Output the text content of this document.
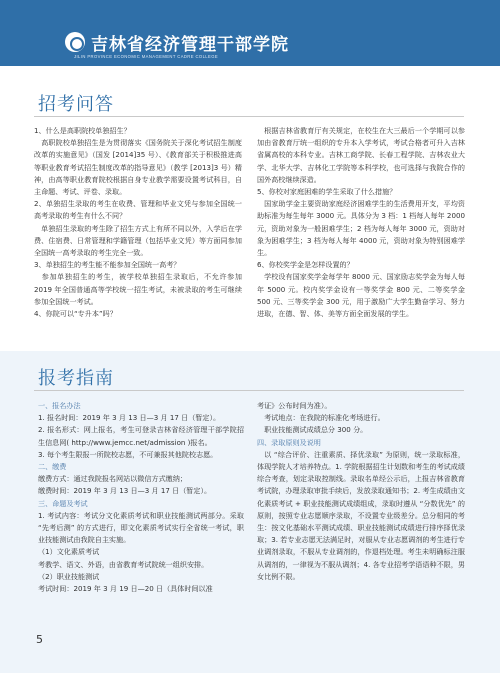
吉林省经济管理干部学院
JILIN PROVINCE ECONOMIC MANAGEMENT CADRE COLLEGE
招考问答

1、什么是高职院校单独招生？

　高职院校单独招生是为贯彻落实《国务院关于深化考试招生制度改革的实施意见》（国发 [2014]35 号）、《教育部关于积极推进高等职业教育考试招生制度改革的指导意见》（教学 [2013]3 号）精神，由高等职业教育院校根据自身专业教学需要设置考试科目，自主命题、考试、评卷、录取。

2、单独招生录取的考生在收费、管理和毕业文凭与参加全国统一高考录取的考生有什么不同？

　单独招生录取的考生除了招生方式上有所不同以外，入学后在学费、住宿费、日常管理和学籍管理（包括毕业文凭）等方面同参加全国统一高考录取的考生完全一致。

3、单独招生的考生能不能参加全国统一高考？

　参加单独招生的考生，被学校单独招生录取后，不允许参加 2019 年全国普通高等学校统一招生考试，未被录取的考生可继续参加全国统一考试。

4、你院可以“专升本”吗？

　根据吉林省教育厅有关规定，在校生在大三最后一个学期可以参加由省教育厅统一组织的专升本入学考试，考试合格者可升入吉林省属高校的本科专业。吉林工商学院、长春工程学院、吉林农业大学、北华大学、吉林化工学院等本科学校，也可选择与我院合作的国外高校继续深造。

5、你校对家庭困难的学生采取了什么措施？

　国家助学金主要资助家庭经济困难学生的生活费用开支，平均资助标准为每生每年 3000 元。具体分为 3 档：1 档每人每年 2000 元，资助对象为一般困难学生；2 档为每人每年 3000 元，资助对象为困难学生；3 档为每人每年 4000 元，资助对象为特别困难学生。

6、你校奖学金是怎样设置的？

　学校设有国家奖学金每学年 8000 元、国家励志奖学金为每人每年 5000 元。校内奖学金设有一等奖学金 800 元、二等奖学金 500 元、三等奖学金 300 元，用于激励广大学生勤奋学习、努力进取，在德、智、体、美等方面全面发展的学生。

报考指南

一、报名办法

1. 报名时间：2019 年 3 月 13 日—3 月 17 日（暂定）。

2. 报名形式：网上报名，考生可登录吉林省经济管理干部学院招生信息网( http://www.jemcc.net/admission )报名。

3. 每个考生限报一所院校志愿，不可兼报其他院校志愿。

二、缴费

缴费方式：通过我院报名网站以微信方式缴纳；

缴费时间：2019 年 3 月 13 日—3 月 17 日（暂定）。

三、命题及考试

1. 考试内容：考试分文化素质考试和职业技能测试两部分。采取 “先考后测” 的方式进行，即文化素质考试实行全省统一考试，职业技能测试由我院自主实施。

（1）文化素质考试

考教学、语文、外语，由省教育考试院统一组织安排。

（2）职业技能测试

考试时间：2019 年 3 月 19 日—20 日（具体时间以准

考证》公布时间为准）。

　考试地点：在我院的标准化考场进行。

　职业技能测试成绩总分 300 分。

四、录取原则及说明

　以 “综合评价、注重素质、择优录取” 为原则，统一录取标准，体现学院人才培养特点。1. 学院根据招生计划数和考生的考试成绩综合考查，划定录取控制线。录取名单经公示后，上报吉林省教育考试院，办理录取审批手续后，发放录取通知书；2. 考生成绩由文化素质考试 + 职业技能测试成绩组成，录取时遵从 “分数优先” 的原则，按照专业志愿顺序录取，不设置专业级差分。总分相同的考生：按文化基础水平测试成绩、职业技能测试成绩进行排序择优录取；3. 若专业志愿无法满足时，对服从专业志愿调剂的考生进行专业调剂录取，不服从专业调剂的，作退档处理。考生未明确标注服从调剂的，一律视为不服从调剂；4. 各专业招考学语语种不限，男女比例不限。

5
